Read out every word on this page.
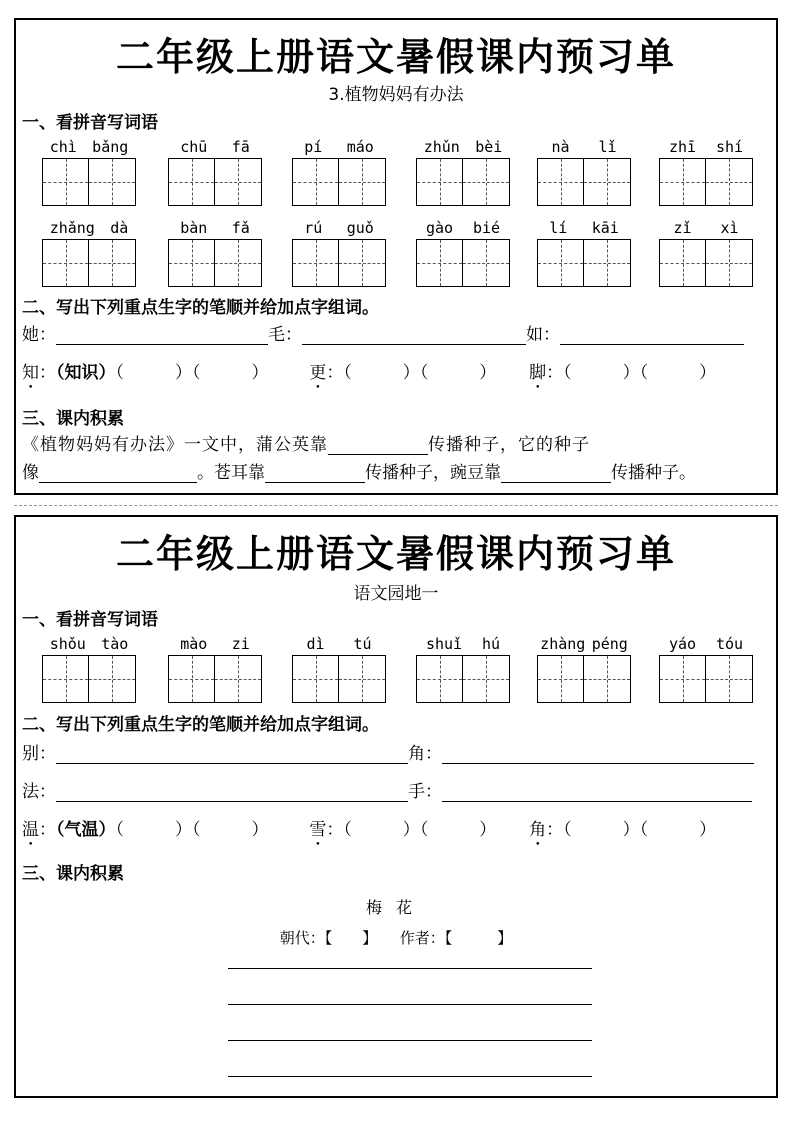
二年级上册语文暑假课内预习单
3.植物妈妈有办法
一、看拼音写词语
chì bǎng	chū fā	pí máo	zhǔn bèi	nà lǐ	zhī shí
zhǎng dà	bàn fǎ	rú guǒ	gào bié	lí kāi	zǐ xì
二、写出下列重点生字的笔顺并给加点字组词。
她：	毛：	如：
知：（知识）（　　　）（　　　） 更：（　　　）（　　　） 脚：（　　　）（　　　）
三、课内积累
《植物妈妈有办法》一文中，蒲公英靠	传播种子，它的种子
像	。苍耳靠	传播种子，豌豆靠	传播种子。
二年级上册语文暑假课内预习单
语文园地一
一、看拼音写词语
shǒu tào	mào zi	dì tú	shuǐ hú	zhàng péng	yáo tóu
二、写出下列重点生字的笔顺并给加点字组词。
别：	角：
法：	手：
温：（气温）（　　　）（　　　） 雪：（　　　）（　　　） 角：（　　　）（　　　）
三、课内积累
梅花
朝代：【　　】　　作者：【　　　】
